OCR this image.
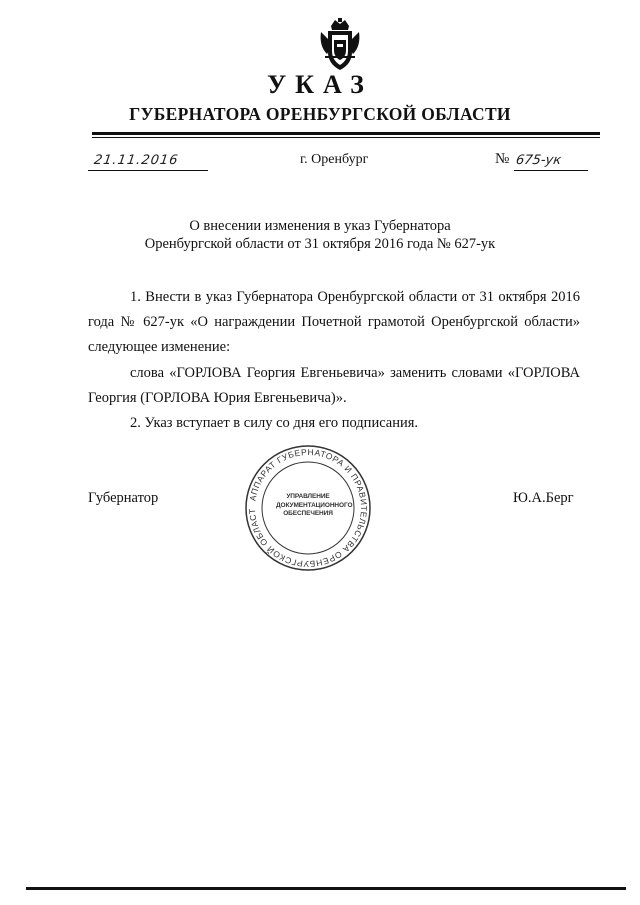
УКАЗ
ГУБЕРНАТОРА ОРЕНБУРГСКОЙ ОБЛАСТИ
21.11.2016	г. Оренбург	№ 675-ук
О внесении изменения в указ Губернатора
Оренбургской области от 31 октября 2016 года № 627-ук
1. Внести в указ Губернатора Оренбургской области от 31 октября 2016 года № 627-ук «О награждении Почетной грамотой Оренбургской области» следующее изменение:
слова «ГОРЛОВА Георгия Евгеньевича» заменить словами «ГОРЛОВА Георгия (ГОРЛОВА Юрия Евгеньевича)».
2. Указ вступает в силу со дня его подписания.
Губернатор	Ю.А.Берг
АППАРАТ ГУБЕРНАТОРА И ПРАВИТЕЛЬСТВА ОРЕНБУРГСКОЙ ОБЛАСТ
УПРАВЛЕНИЕ
ДОКУМЕНТАЦИОННОГО
ОБЕСПЕЧЕНИЯ
